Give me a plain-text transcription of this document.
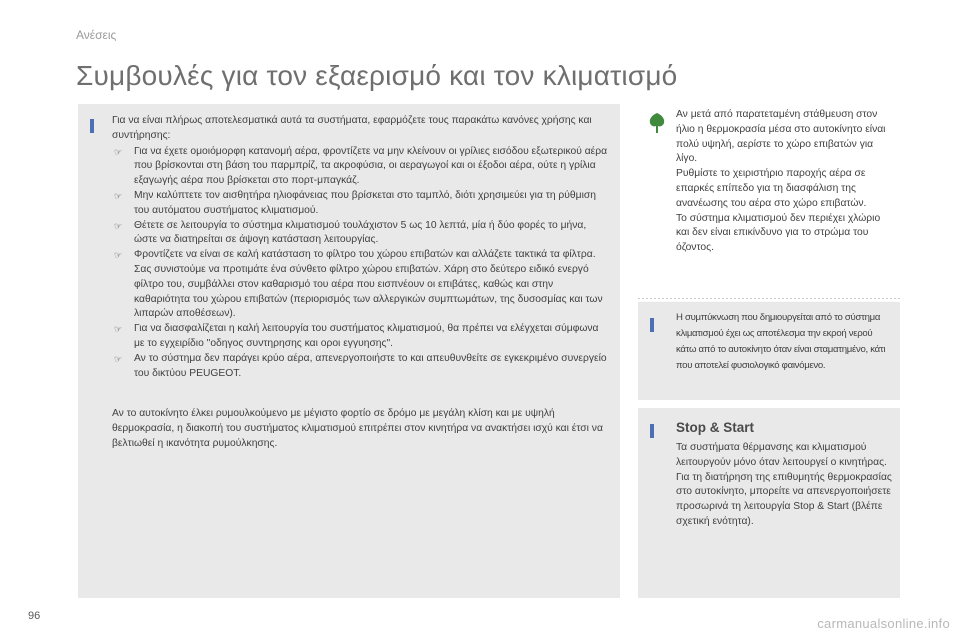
Ανέσεις
Συμβουλές για τον εξαερισμό και τον κλιματισμό

Για να είναι πλήρως αποτελεσματικά αυτά τα συστήματα, εφαρμόζετε τους παρακάτω κανόνες χρήσης και συντήρησης:

☞ Για να έχετε ομοιόμορφη κατανομή αέρα, φροντίζετε να μην κλείνουν οι γρίλιες εισόδου εξωτερικού αέρα που βρίσκονται στη βάση του παρμπρίζ, τα ακροφύσια, οι αεραγωγοί και οι έξοδοι αέρα, ούτε η γρίλια εξαγωγής αέρα που βρίσκεται στο πορτ-μπαγκάζ.
☞ Μην καλύπτετε τον αισθητήρα ηλιοφάνειας που βρίσκεται στο ταμπλό, διότι χρησιμεύει για τη ρύθμιση του αυτόματου συστήματος κλιματισμού.
☞ Θέτετε σε λειτουργία το σύστημα κλιματισμού τουλάχιστον 5 ως 10 λεπτά, μία ή δύο φορές το μήνα, ώστε να διατηρείται σε άψογη κατάσταση λειτουργίας.
☞ Φροντίζετε να είναι σε καλή κατάσταση το φίλτρο του χώρου επιβατών και αλλάζετε τακτικά τα φίλτρα.
Σας συνιστούμε να προτιμάτε ένα σύνθετο φίλτρο χώρου επιβατών. Χάρη στο δεύτερο ειδικό ενεργό φίλτρο του, συμβάλλει στον καθαρισμό του αέρα που εισπνέουν οι επιβάτες, καθώς και στην καθαριότητα του χώρου επιβατών (περιορισμός των αλλεργικών συμπτωμάτων, της δυσοσμίας και των λιπαρών αποθέσεων).
☞ Για να διασφαλίζεται η καλή λειτουργία του συστήματος κλιματισμού, θα πρέπει να ελέγχεται σύμφωνα με το εγχειρίδιο "οδηγος συντηρησης και οροι εγγυησης".
☞ Αν το σύστημα δεν παράγει κρύο αέρα, απενεργοποιήστε το και απευθυνθείτε σε εγκεκριμένο συνεργείο του δικτύου PEUGEOT.

Αν το αυτοκίνητο έλκει ρυμουλκούμενο με μέγιστο φορτίο σε δρόμο με μεγάλη κλίση και με υψηλή θερμοκρασία, η διακοπή του συστήματος κλιματισμού επιτρέπει στον κινητήρα να ανακτήσει ισχύ και έτσι να βελτιωθεί η ικανότητα ρυμούλκησης.

Αν μετά από παρατεταμένη στάθμευση στον ήλιο η θερμοκρασία μέσα στο αυτοκίνητο είναι πολύ υψηλή, αερίστε το χώρο επιβατών για λίγο.
Ρυθμίστε το χειριστήριο παροχής αέρα σε επαρκές επίπεδο για τη διασφάλιση της ανανέωσης του αέρα στο χώρο επιβατών.
Το σύστημα κλιματισμού δεν περιέχει χλώριο και δεν είναι επικίνδυνο για το στρώμα του όζοντος.

Η συμπύκνωση που δημιουργείται από το σύστημα κλιματισμού έχει ως αποτέλεσμα την εκροή νερού κάτω από το αυτοκίνητο όταν είναι σταματημένο, κάτι που αποτελεί φυσιολογικό φαινόμενο.

Stop & Start

Τα συστήματα θέρμανσης και κλιματισμού λειτουργούν μόνο όταν λειτουργεί ο κινητήρας. Για τη διατήρηση της επιθυμητής θερμοκρασίας στο αυτοκίνητο, μπορείτε να απενεργοποιήσετε προσωρινά τη λειτουργία Stop & Start (βλέπε σχετική ενότητα).

96	carmanualsonline.info
